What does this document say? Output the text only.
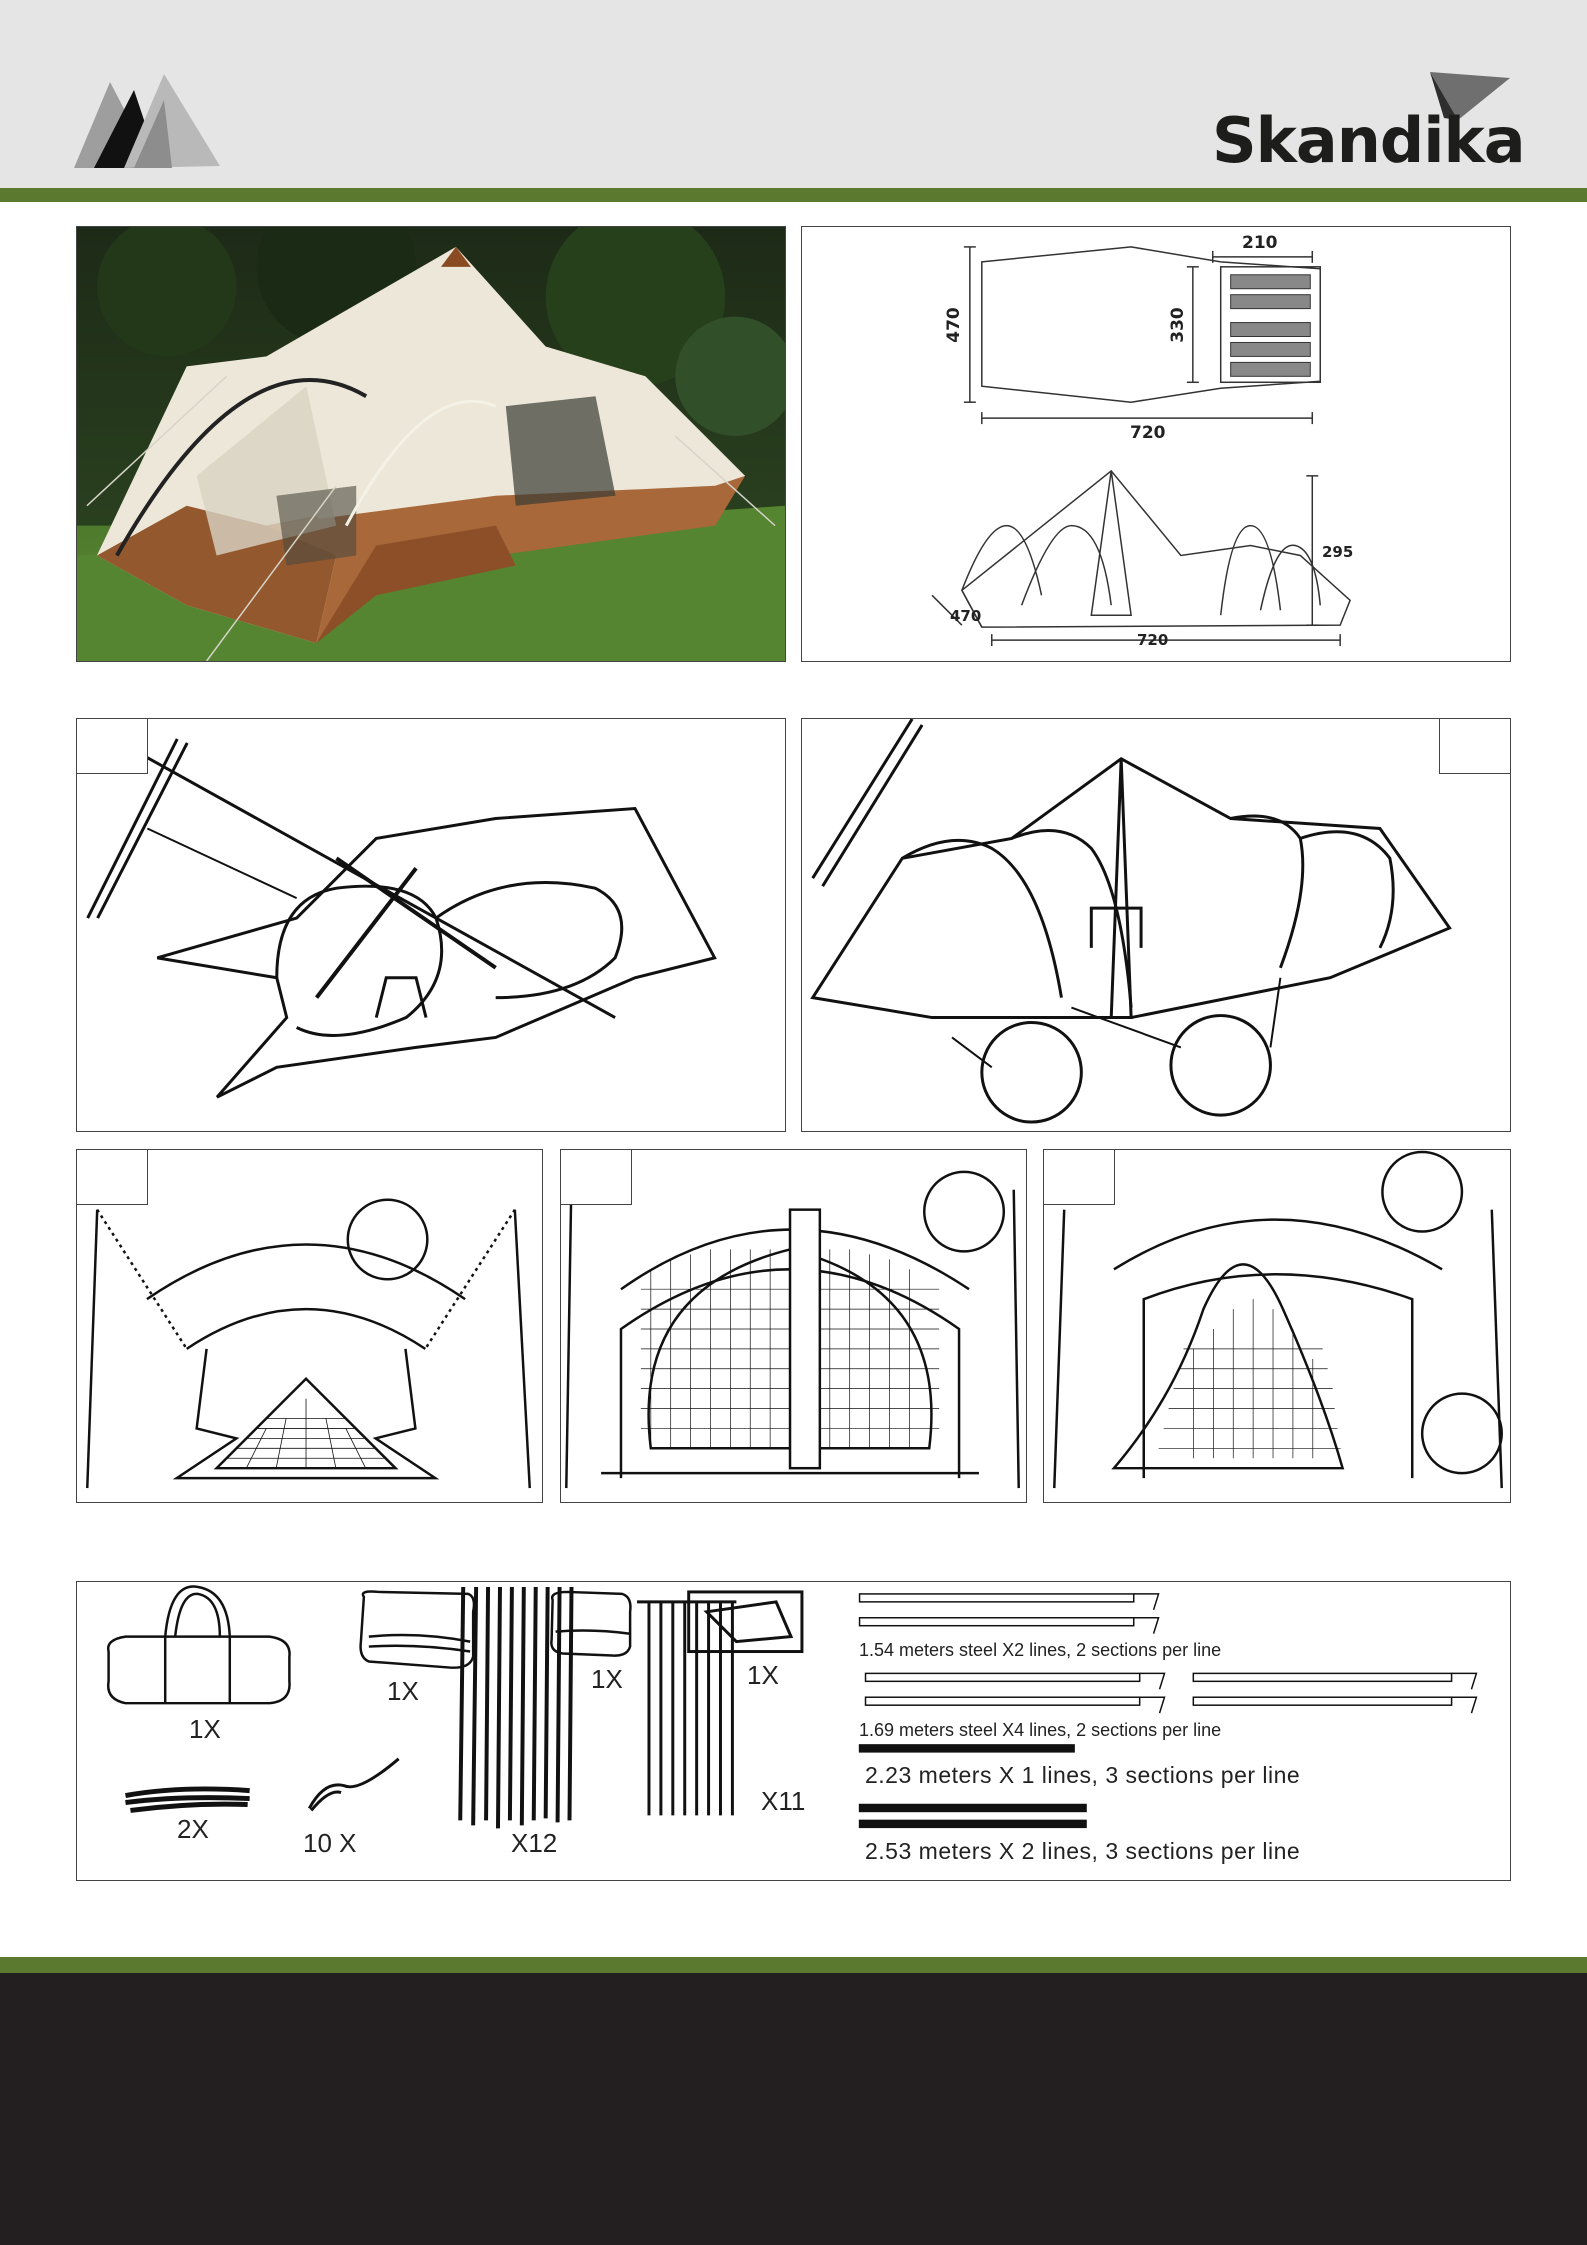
Skandika
470	330
210
720
295
470
720
1X
1X	1X	1X
2X	10 X	X12
X11
1.54 meters steel X2 lines, 2 sections per line
1.69 meters steel X4 lines, 2 sections per line
2.23 meters X 1 lines, 3 sections per line
2.53 meters X 2 lines, 3 sections per line
